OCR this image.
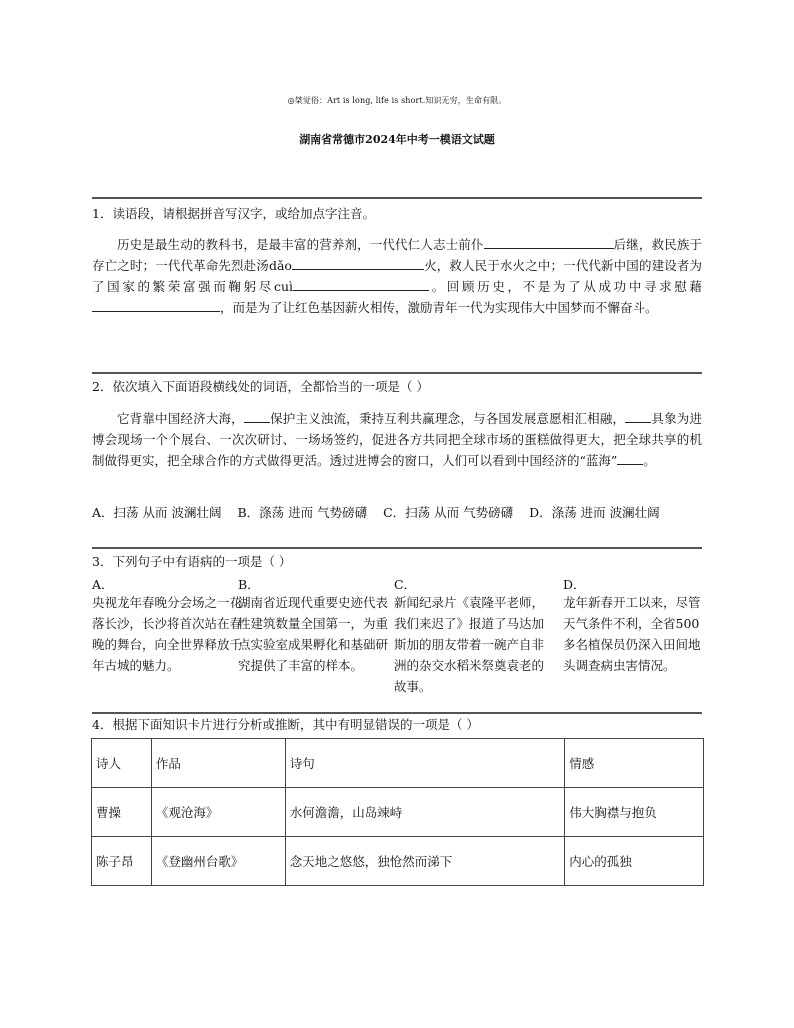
◎桀觉俗：Art is long, life is short.知识无穷，生命有限。
湖南省常德市2024年中考一模语文试题
1．读语段，请根据拼音写汉字，或给加点字注音。
历史是最生动的教科书，是最丰富的营养剂，一代代仁人志士前仆	后继，救民族于存亡之时；一代代革命先烈赴汤dǎo	火，救人民于水火之中；一代代新中国的建设者为了国家的繁荣富强而鞠躬尽cuì	。回顾历史，不是为了从成功中寻求慰藉，而是为了让红色基因薪火相传，激励青年一代为实现伟大中国梦而不懈奋斗。
2．依次填入下面语段横线处的词语，全都恰当的一项是（ ）
它背靠中国经济大海， 保护主义浊流，秉持互利共赢理念，与各国发展意愿相汇相融， 具象为进博会现场一个个展台、一次次研讨、一场场签约，促进各方共同把全球市场的蛋糕做得更大，把全球共享的机制做得更实，把全球合作的方式做得更活。透过进博会的窗口，人们可以看到中国经济的“蓝海” 。
A．扫荡 从而 波澜壮阔 B．涤荡 进而 气势磅礴 C．扫荡 从而 气势磅礴 D．涤荡 进而 波澜壮阔
3．下列句子中有语病的一项是（ ）
A．
央视龙年春晚分会场之一花落长沙，长沙将首次站在春晚的舞台，向全世界释放千年古城的魅力。
B．
湖南省近现代重要史迹代表性建筑数量全国第一，为重点实验室成果孵化和基础研究提供了丰富的样本。
C．
新闻纪录片《袁隆平老师，我们来迟了》报道了马达加斯加的朋友带着一碗产自非洲的杂交水稻米祭奠袁老的故事。
D．
龙年新春开工以来，尽管天气条件不利，全省500多名植保员仍深入田间地头调查病虫害情况。
4．根据下面知识卡片进行分析或推断，其中有明显错误的一项是（ ）
诗人	作品	诗句	情感
曹操	《观沧海》	水何澹澹，山岛竦峙	伟大胸襟与抱负
陈子昂	《登幽州台歌》	念天地之悠悠，独怆然而涕下	内心的孤独
